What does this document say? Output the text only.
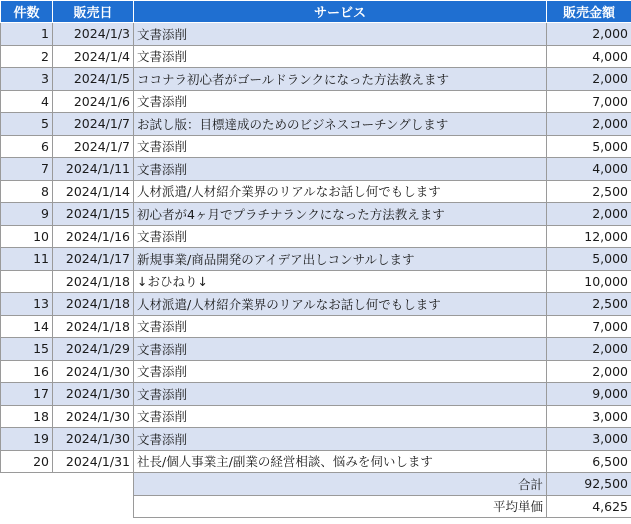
件数	販売日	サービス	販売金額
1	2024/1/3	文書添削	2,000
2	2024/1/4	文書添削	4,000
3	2024/1/5	ココナラ初心者がゴールドランクになった方法教えます	2,000
4	2024/1/6	文書添削	7,000
5	2024/1/7	お試し版：目標達成のためのビジネスコーチングします	2,000
6	2024/1/7	文書添削	5,000
7	2024/1/11	文書添削	4,000
8	2024/1/14	人材派遣/人材紹介業界のリアルなお話し何でもします	2,500
9	2024/1/15	初心者が4ヶ月でプラチナランクになった方法教えます	2,000
10	2024/1/16	文書添削	12,000
11	2024/1/17	新規事業/商品開発のアイデア出しコンサルします	5,000
	2024/1/18	↓おひねり↓	10,000
13	2024/1/18	人材派遣/人材紹介業界のリアルなお話し何でもします	2,500
14	2024/1/18	文書添削	7,000
15	2024/1/29	文書添削	2,000
16	2024/1/30	文書添削	2,000
17	2024/1/30	文書添削	9,000
18	2024/1/30	文書添削	3,000
19	2024/1/30	文書添削	3,000
20	2024/1/31	社長/個人事業主/副業の経営相談、悩みを伺いします	6,500
		合計	92,500
		平均単価	4,625
